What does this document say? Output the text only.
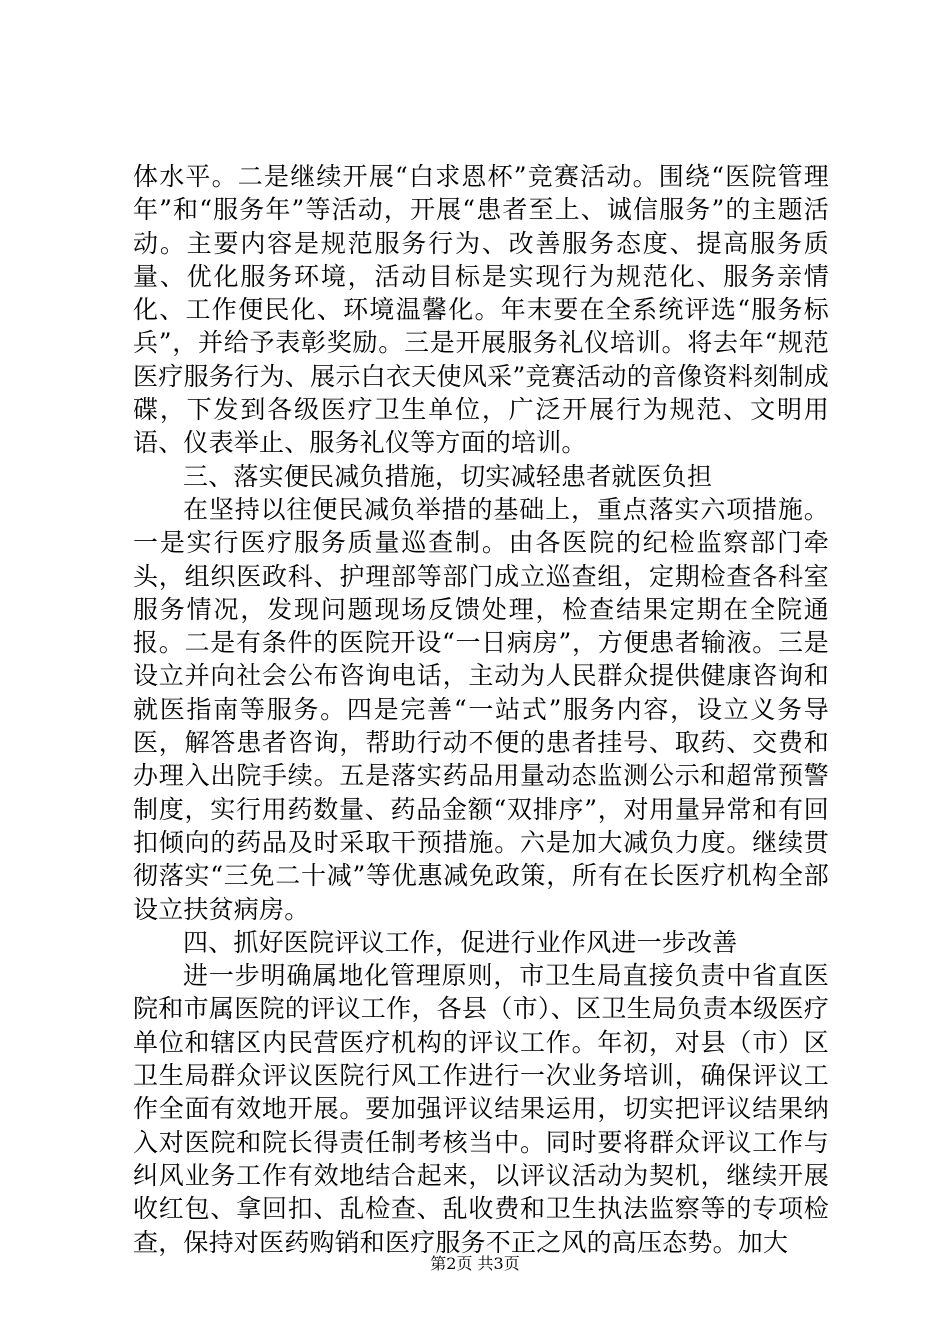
体水平。二是继续开展“白求恩杯”竞赛活动。围绕“医院管理年”和“服务年”等活动，开展“患者至上、诚信服务”的主题活动。主要内容是规范服务行为、改善服务态度、提高服务质量、优化服务环境，活动目标是实现行为规范化、服务亲情化、工作便民化、环境温馨化。年末要在全系统评选“服务标兵”，并给予表彰奖励。三是开展服务礼仪培训。将去年“规范医疗服务行为、展示白衣天使风采”竞赛活动的音像资料刻制成碟，下发到各级医疗卫生单位，广泛开展行为规范、文明用语、仪表举止、服务礼仪等方面的培训。

三、落实便民减负措施，切实减轻患者就医负担

在坚持以往便民减负举措的基础上，重点落实六项措施。一是实行医疗服务质量巡查制。由各医院的纪检监察部门牵头，组织医政科、护理部等部门成立巡查组，定期检查各科室服务情况，发现问题现场反馈处理，检查结果定期在全院通报。二是有条件的医院开设“一日病房”，方便患者输液。三是设立并向社会公布咨询电话，主动为人民群众提供健康咨询和就医指南等服务。四是完善“一站式”服务内容，设立义务导医，解答患者咨询，帮助行动不便的患者挂号、取药、交费和办理入出院手续。五是落实药品用量动态监测公示和超常预警制度，实行用药数量、药品金额“双排序”，对用量异常和有回扣倾向的药品及时采取干预措施。六是加大减负力度。继续贯彻落实“三免二十减”等优惠减免政策，所有在长医疗机构全部设立扶贫病房。

四、抓好医院评议工作，促进行业作风进一步改善

进一步明确属地化管理原则，市卫生局直接负责中省直医院和市属医院的评议工作，各县（市）、区卫生局负责本级医疗单位和辖区内民营医疗机构的评议工作。年初，对县（市）区卫生局群众评议医院行风工作进行一次业务培训，确保评议工作全面有效地开展。要加强评议结果运用，切实把评议结果纳入对医院和院长得责任制考核当中。同时要将群众评议工作与纠风业务工作有效地结合起来，以评议活动为契机，继续开展收红包、拿回扣、乱检查、乱收费和卫生执法监察等的专项检查，保持对医药购销和医疗服务不正之风的高压态势。加大

第2页 共3页
